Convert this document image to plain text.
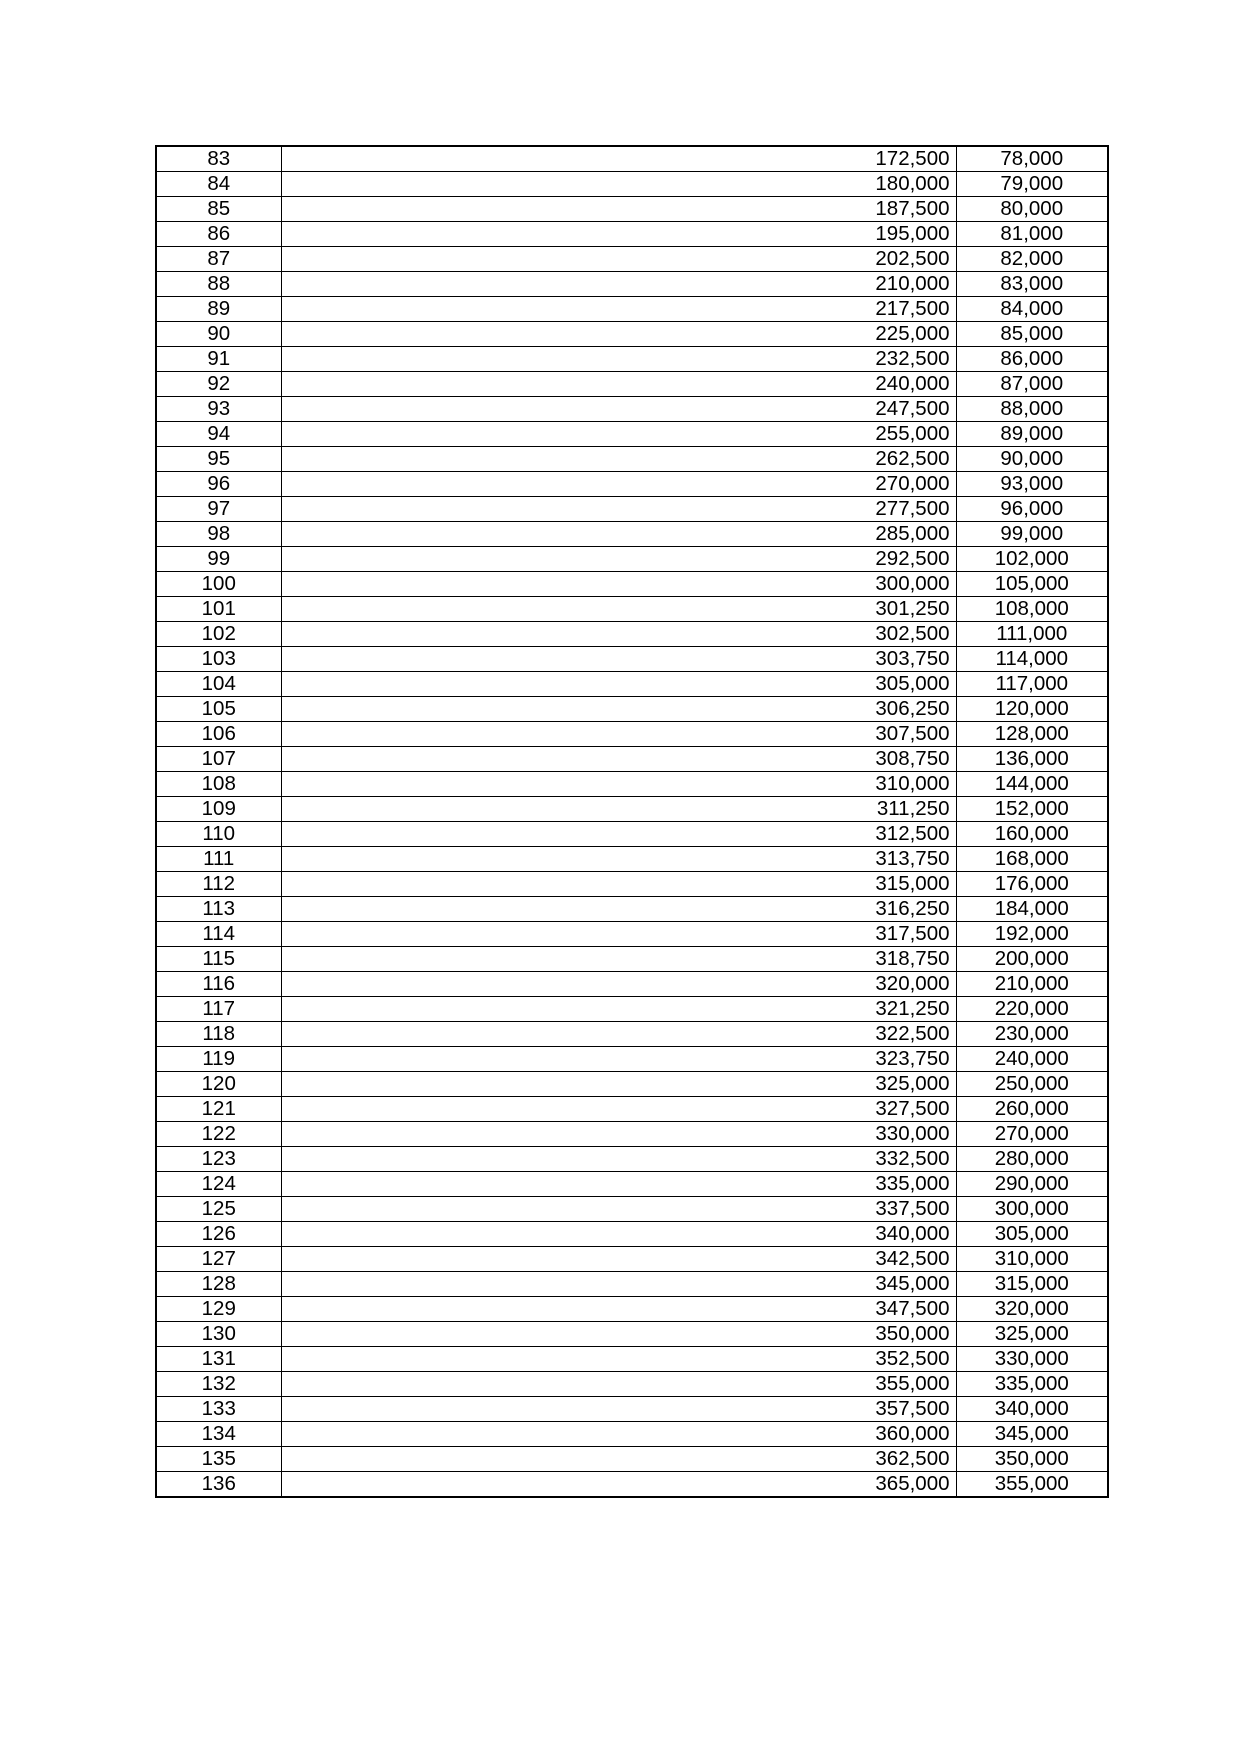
83		172,500	78,000
84		180,000	79,000
85		187,500	80,000
86		195,000	81,000
87		202,500	82,000
88		210,000	83,000
89		217,500	84,000
90		225,000	85,000
91		232,500	86,000
92		240,000	87,000
93		247,500	88,000
94		255,000	89,000
95		262,500	90,000
96		270,000	93,000
97		277,500	96,000
98		285,000	99,000
99		292,500	102,000
100		300,000	105,000
101		301,250	108,000
102		302,500	111,000
103		303,750	114,000
104		305,000	117,000
105		306,250	120,000
106		307,500	128,000
107		308,750	136,000
108		310,000	144,000
109		311,250	152,000
110		312,500	160,000
111		313,750	168,000
112		315,000	176,000
113		316,250	184,000
114		317,500	192,000
115		318,750	200,000
116		320,000	210,000
117		321,250	220,000
118		322,500	230,000
119		323,750	240,000
120		325,000	250,000
121		327,500	260,000
122		330,000	270,000
123		332,500	280,000
124		335,000	290,000
125		337,500	300,000
126		340,000	305,000
127		342,500	310,000
128		345,000	315,000
129		347,500	320,000
130		350,000	325,000
131		352,500	330,000
132		355,000	335,000
133		357,500	340,000
134		360,000	345,000
135		362,500	350,000
136		365,000	355,000
